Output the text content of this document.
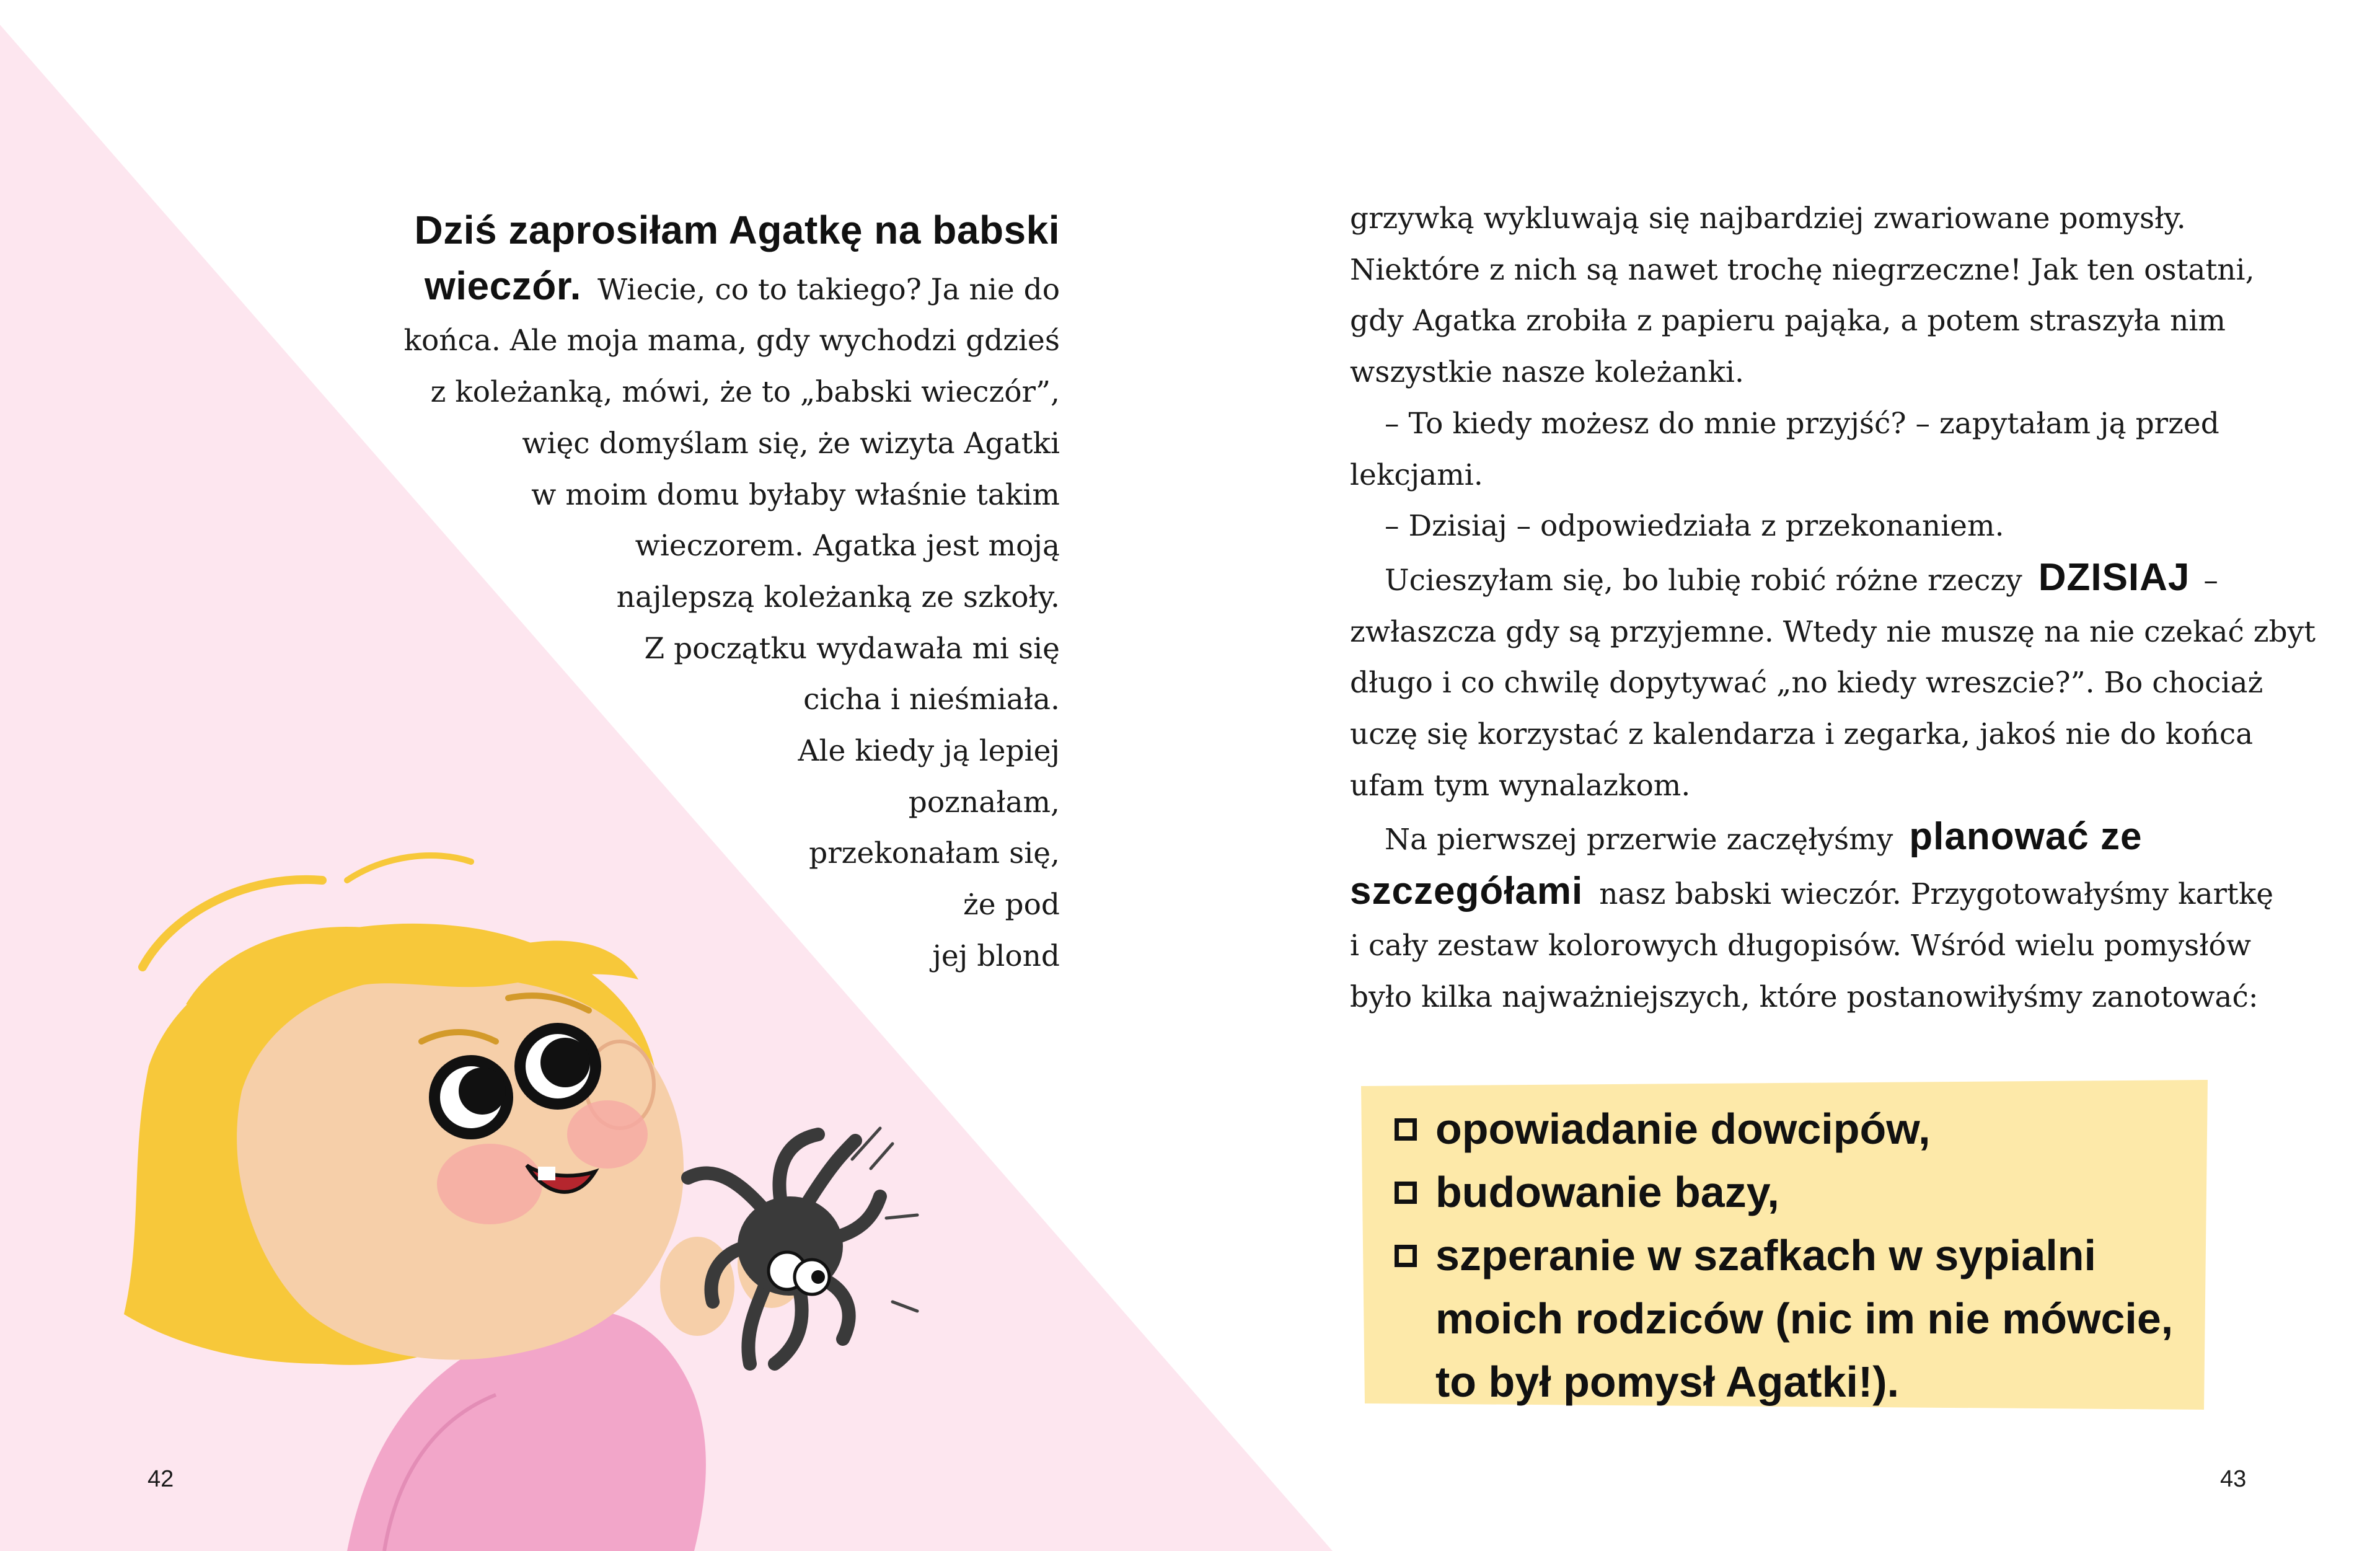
Dziś zaprosiłam Agatkę na babski
wieczór. Wiecie, co to takiego? Ja nie do
końca. Ale moja mama, gdy wychodzi gdzieś
z koleżanką, mówi, że to „babski wieczór”,
więc domyślam się, że wizyta Agatki
w moim domu byłaby właśnie takim
wieczorem. Agatka jest moją
najlepszą koleżanką ze szkoły.
Z początku wydawała mi się
cicha i nieśmiała.
Ale kiedy ją lepiej
poznałam,
przekonałam się,
że pod
jej blond
grzywką wykluwają się najbardziej zwariowane pomysły.
Niektóre z nich są nawet trochę niegrzeczne! Jak ten ostatni,
gdy Agatka zrobiła z papieru pająka, a potem straszyła nim
wszystkie nasze koleżanki.
– To kiedy możesz do mnie przyjść? – zapytałam ją przed
lekcjami.
– Dzisiaj – odpowiedziała z przekonaniem.
Ucieszyłam się, bo lubię robić różne rzeczy DZISIAJ –
zwłaszcza gdy są przyjemne. Wtedy nie muszę na nie czekać zbyt
długo i co chwilę dopytywać „no kiedy wreszcie?”. Bo chociaż
uczę się korzystać z kalendarza i zegarka, jakoś nie do końca
ufam tym wynalazkom.
Na pierwszej przerwie zaczęłyśmy planować ze
szczegółami nasz babski wieczór. Przygotowałyśmy kartkę
i cały zestaw kolorowych długopisów. Wśród wielu pomysłów
było kilka najważniejszych, które postanowiłyśmy zanotować:
opowiadanie dowcipów,
budowanie bazy,
szperanie w szafkach w sypialni
moich rodziców (nic im nie mówcie,
to był pomysł Agatki!).
42	43
